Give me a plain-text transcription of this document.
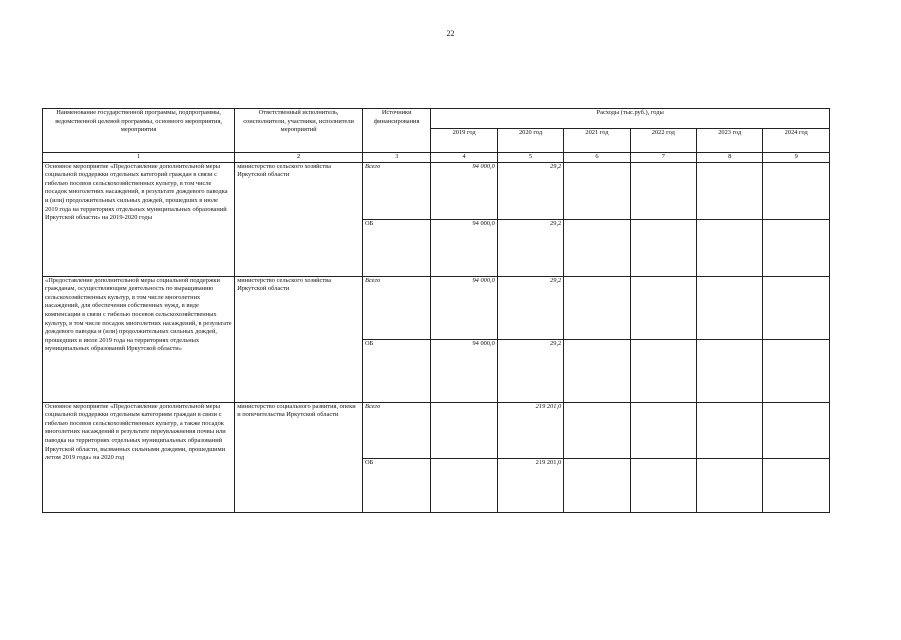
22
Наименование государственной программы, подпрограммы, ведомственной целевой программы, основного мероприятия, мероприятия	Ответственный исполнитель, соисполнители, участники, исполнители мероприятий	Источники финансирования	Расходы (тыс.руб.), годы					
			2019 год	2020 год	2021 год	2022 год	2023 год	2024 год
1	2	3	4	5	6	7	8	9
Основное мероприятие «Предоставление дополнительной меры социальной поддержки отдельных категорий граждан в связи с гибелью посевов сельскохозяйственных культур, в том числе посадок многолетних насаждений, в результате дождевого паводка и (или) продолжительных сильных дождей, прошедших в июле 2019 года на территориях отдельных муниципальных образований Иркутской области» на 2019-2020 годы	министерство сельского хозяйства Иркутской области	Всего	94 000,0	29,2				
		ОБ	94 000,0	29,2				
«Предоставление дополнительной меры социальной поддержки гражданам, осуществляющим деятельность по выращиванию сельскохозяйственных культур, в том числе многолетних насаждений, для обеспечения собственных нужд, в виде компенсации в связи с гибелью посевов сельскохозяйственных культур, в том числе посадок многолетних насаждений, в результате дождевого паводка и (или) продолжительных сильных дождей, прошедших в июле 2019 года на территориях отдельных муниципальных образований Иркутской области»	министерство сельского хозяйства Иркутской области	Всего	94 000,0	29,2				
		ОБ	94 000,0	29,2				
Основное мероприятие «Предоставление дополнительной меры социальной поддержки отдельным категориям граждан в связи с гибелью посевов сельскохозяйственных культур, а также посадок многолетних насаждений в результате переувлажнения почвы или паводка на территориях отдельных муниципальных образований Иркутской области, вызванных сильными дождями, прошедшими летом 2019 года» на 2020 год	министерство социального развития, опеки и попечительства Иркутской области	Всего		219 201,0				
		ОБ		219 201,0				
